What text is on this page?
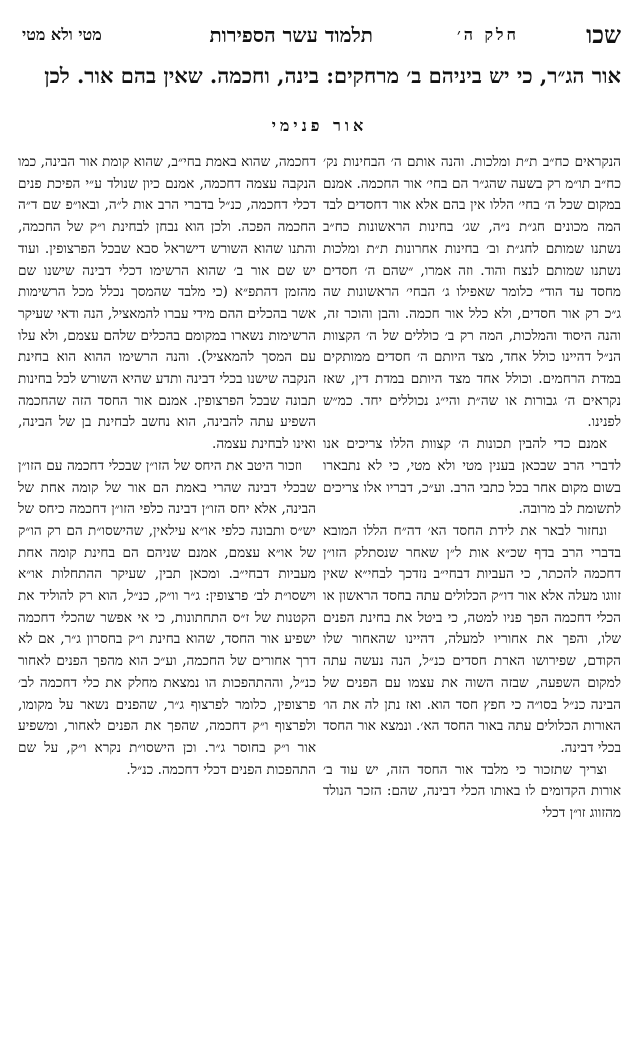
שכו
חלק ה׳
תלמוד עשר הספירות
מטי ולא מטי
אור הג״ר, כי יש ביניהם ב׳ מרחקים: בינה, וחכמה. שאין בהם אור. לכן
אור פנימי

הנקראים כח״ב ת״ת ומלכות. והנה אותם ה׳ הבחינות נק׳ כח״ב תו״מ רק בשעה שהג״ר הם בחי׳ אור החכמה. אמנם במקום שכל ה׳ בחי׳ הללו אין בהם אלא אור דחסדים לבד המה מכונים חג״ת נ״ה, שג׳ בחינות הראשונות כח״ב נשתנו שמותם לחג״ת וב׳ בחינות אחרונות ת״ת ומלכות נשתנו שמותם לנצח והוד. וזה אמרו, ״שהם ה׳ חסדים מחסד עד הוד״ כלומר שאפילו ג׳ הבחי׳ הראשונות שה ג״כ רק אור חסדים, ולא כלל אור חכמה. והבן והוכר זה, והנה היסוד והמלכות, המה רק ב׳ כוללים של ה׳ הקצוות הנ״ל דהיינו כולל אחד, מצד היותם ה׳ חסדים ממותקים במדת הרחמים. וכולל אחד מצד היותם במדת דין, שאז נקראים ה׳ גבורות או שה״ת והי״ג נכוללים יחד. כמ״ש לפנינו.

אמנם כדי להבין תכונות ה׳ קצוות הללו צריכים אנו לדברי הרב שבכאן בענין מטי ולא מטי, כי לא נתבארו בשום מקום אחר בכל כתבי הרב. וע״כ, דבריו אלו צריכים לתשומת לב מרובה.

ונחזור לבאר את לידת החסד הא׳ דה״ח הללו המובא בדברי הרב בדף שכ״א אות ל״ן שאחר שנסתלק הזו״ן דחכמה להכתר, כי העביות דבחי״ב נזדכך לבחי״א שאין זווגו מעלה אלא אור דו״ק הכלולים עתה בחסד הראשון או הכלי דחכמה הפך פניו למטה, כי ביטל את בחינת הפנים שלו, והפך את אחוריו למעלה, דהיינו שהאחור שלו הקודם, שפירושו הארת חסדים כנ״ל, הנה נעשה עתה למקום השפעה, שבזה השוה את עצמו עם הפנים של הבינה כנ״ל בסו״ה כי חפץ חסד הוא. ואז נתן לה את הו׳ האורות הכלולים עתה באור החסד הא׳. ונמצא אור החסד בכלי דבינה.

וצריך שתזכור כי מלבד אור החסד הזה, יש עוד ב׳ אורות הקדומים לו באותו הכלי דבינה, שהם: הזכר הנולד מהזווג זו״ן דכלי

דחכמה, שהוא באמת בחי״ב, שהוא קומת אור הבינה, כמו הנקבה עצמה דחכמה, אמנם כיון שנולד ע״י הפיכת פנים דכלי דחכמה, כנ״ל בדברי הרב אות ל״ה, ובאו״פ שם ד״ה החכמה הפכה. ולכן הוא נבחן לבחינת ו״ק של החכמה, והתנו שהוא השורש דישראל סבא שבכל הפרצופין. ועוד יש שם אור ב׳ שהוא הרשימו דכלי דבינה שישנו שם מהזמן דהתפ״א (כי מלבד שהמסך נכלל מכל הרשימות אשר בהכלים ההם מידי עברו להמאציל, הנה ודאי שעיקר הרשימות נשארו במקומם בהכלים שלהם עצמם, ולא עלו עם המסך להמאציל). והנה הרשימו ההוא הוא בחינת הנקבה שישנו בכלי דבינה ותדע שהיא השורש לכל בחינות תבונה שבכל הפרצופין. אמנם אור החסד הזה שהחכמה השפיע עתה להבינה, הוא נחשב לבחינת בן של הבינה, ואינו לבחינת עצמה.

וזכור היטב את היחס של הזו״ן שבכלי דחכמה עם הזו״ן שבכלי דבינה שהרי באמת הם אור של קומה אחת של הבינה, אלא יחס הזו״ן דבינה כלפי הזו״ן דחכמה כיחס של יש״ס ותבונה כלפי או״א עילאין, שהישסו״ת הם רק הו״ק של או״א עצמם, אמנם שניהם הם בחינת קומה אחת מעביות דבחי״ב. ומכאן תבין, שעיקר ההתחלות או״א וישסו״ת לב׳ פרצופין: ג״ר וו״ק, כנ״ל, הוא רק להוליד את הקטנות של ז״ס התחתונות, כי אי אפשר שהכלי דחכמה ישפיע אור החסד, שהוא בחינת ו״ק בחסרון ג״ר, אם לא דרך אחורים של החכמה, וע״כ הוא מהפך הפנים לאחור כנ״ל, וההתהפכות הו נמצאת מחלק את כלי דחכמה לב׳ פרצופין, כלומר לפרצוף ג״ר, שהפנים נשאר על מקומו, ולפרצוף ו״ק דחכמה, שהפך את הפנים לאחור, ומשפיע אור ו״ק בחוסר ג״ר. וכן הישסו״ת נקרא ו״ק, על שם התהפכות הפנים דכלי דחכמה. כנ״ל.
